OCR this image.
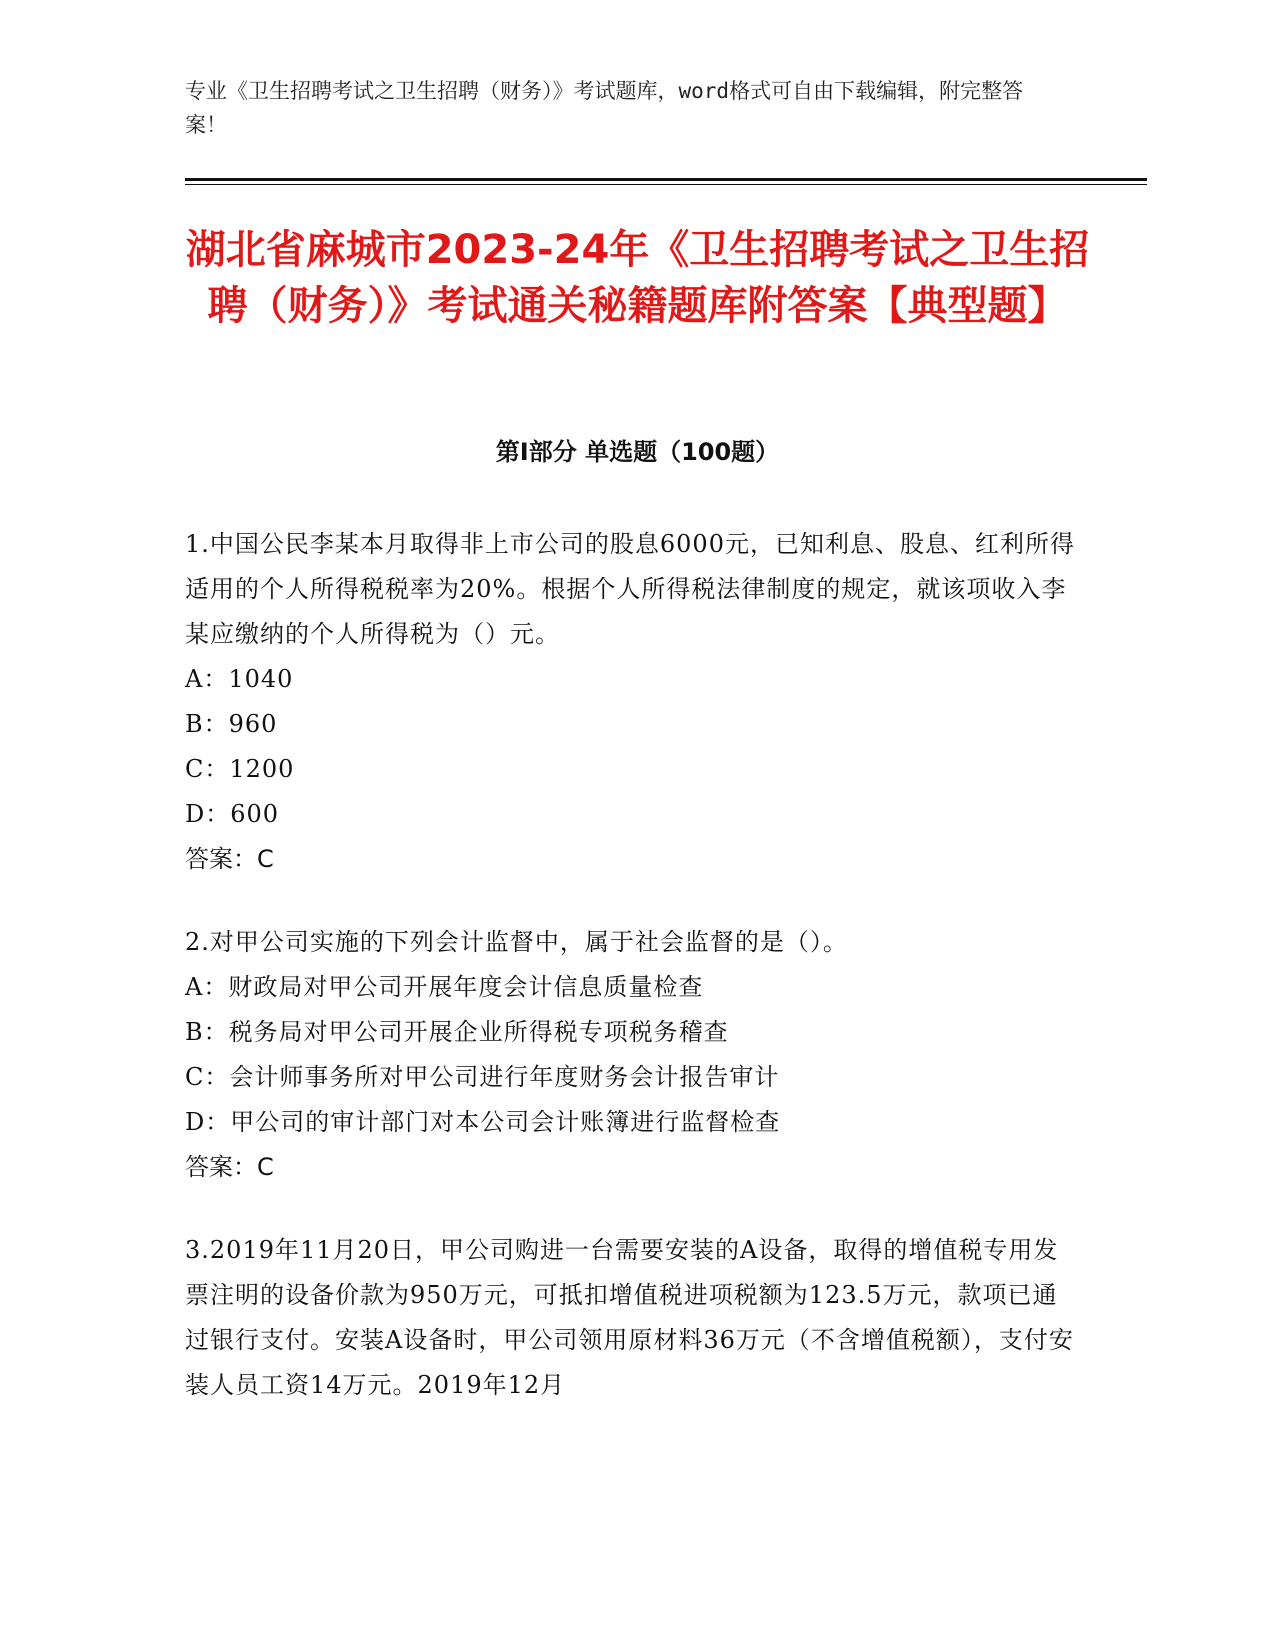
专业《卫生招聘考试之卫生招聘（财务）》考试题库，word格式可自由下载编辑，附完整答案！
湖北省麻城市2023-24年《卫生招聘考试之卫生招聘（财务）》考试通关秘籍题库附答案【典型题】
第I部分 单选题（100题）
1.中国公民李某本月取得非上市公司的股息6000元，已知利息、股息、红利所得适用的个人所得税税率为20%。根据个人所得税法律制度的规定，就该项收入李某应缴纳的个人所得税为（）元。
A：1040
B：960
C：1200
D：600
答案：C
2.对甲公司实施的下列会计监督中，属于社会监督的是（）。
A：财政局对甲公司开展年度会计信息质量检查
B：税务局对甲公司开展企业所得税专项税务稽查
C：会计师事务所对甲公司进行年度财务会计报告审计
D：甲公司的审计部门对本公司会计账簿进行监督检查
答案：C
3.2019年11月20日，甲公司购进一台需要安装的A设备，取得的增值税专用发票注明的设备价款为950万元，可抵扣增值税进项税额为123.5万元，款项已通过银行支付。安装A设备时，甲公司领用原材料36万元（不含增值税额），支付安装人员工资14万元。2019年12月
